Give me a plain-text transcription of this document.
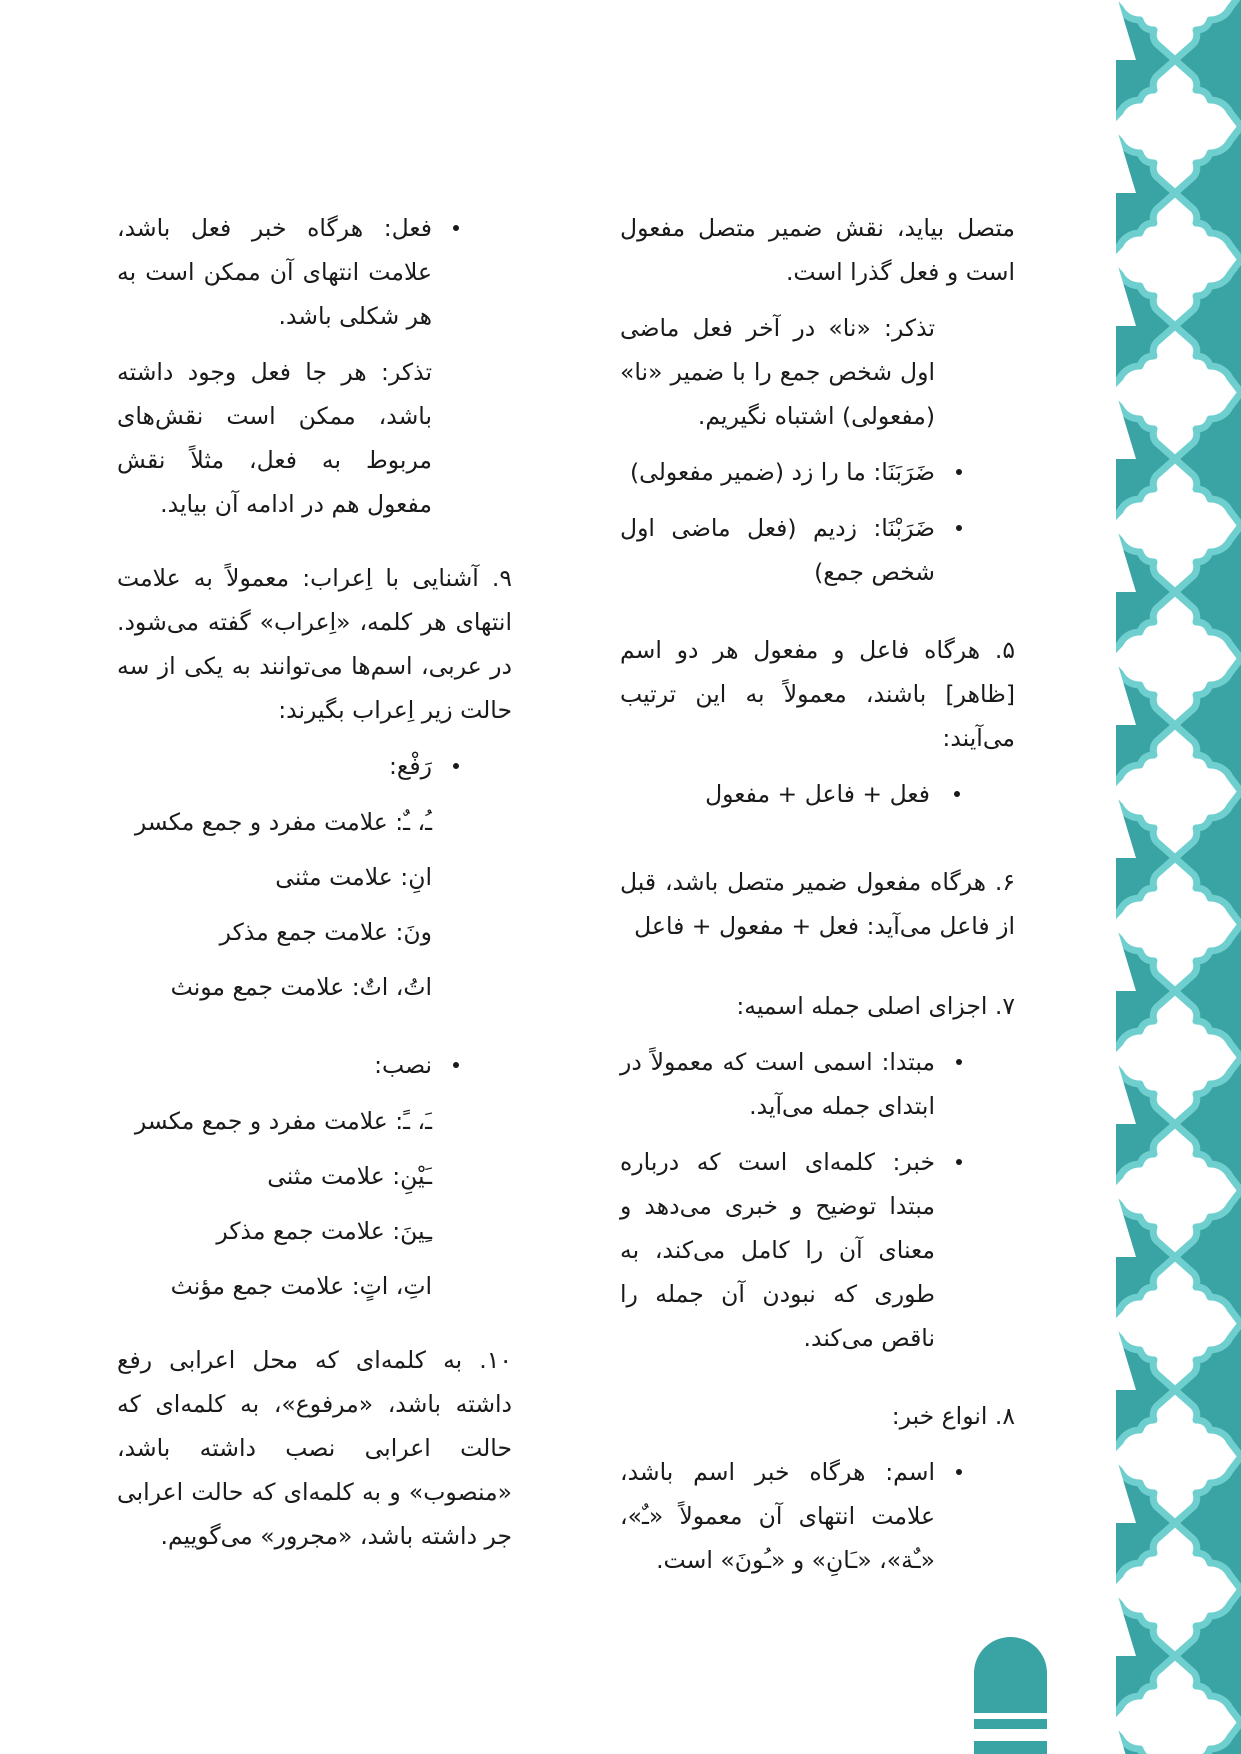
متصل بیاید، نقش ضمیر متصل مفعول است و فعل گذرا است.

تذکر: «نا» در آخر فعل ماضی اول شخص جمع را با ضمیر «نا» (مفعولی) اشتباه نگیریم.

ضَرَبَنَا: ما را زد (ضمیر مفعولی)

ضَرَبْنَا: زدیم (فعل ماضی اول شخص جمع)

۵. هرگاه فاعل و مفعول هر دو اسم [ظاهر] باشند، معمولاً به این ترتیب می‌آیند:

فعل + فاعل + مفعول

۶. هرگاه مفعول ضمیر متصل باشد، قبل از فاعل می‌آید: فعل + مفعول + فاعل

۷. اجزای اصلی جمله اسمیه:

مبتدا: اسمی است که معمولاً در ابتدای جمله می‌آید.

خبر: کلمه‌ای است که درباره مبتدا توضیح و خبری می‌دهد و معنای آن را کامل می‌کند، به طوری که نبودن آن جمله را ناقص می‌کند.

۸. انواع خبر:

اسم: هرگاه خبر اسم باشد، علامت انتهای آن معمولاً «ـٌ»، «ـٌة»، «ـَانِ» و «ـُونَ» است.

فعل: هرگاه خبر فعل باشد، علامت انتهای آن ممکن است به هر شکلی باشد.

تذکر: هر جا فعل وجود داشته باشد، ممکن است نقش‌های مربوط به فعل، مثلاً نقش مفعول هم در ادامه آن بیاید.

۹. آشنایی با اِعراب: معمولاً به علامت انتهای هر کلمه، «اِعراب» گفته می‌شود. در عربی، اسم‌ها می‌توانند به یکی از سه حالت زیر اِعراب بگیرند:

رَفْع:

ـُ، ـٌ: علامت مفرد و جمع مکسر

انِ: علامت مثنی

ونَ: علامت جمع مذکر

اتُ، اتٌ: علامت جمع مونث

نصب:

ـَ، ـً: علامت مفرد و جمع مکسر

ـَیْنِ: علامت مثنی

ـِینَ: علامت جمع مذکر

اتِ، اتٍ: علامت جمع مؤنث

۱۰. به کلمه‌ای که محل اعرابی رفع داشته باشد، «مرفوع»، به کلمه‌ای که حالت اعرابی نصب داشته باشد، «منصوب» و به کلمه‌ای که حالت اعرابی جر داشته باشد، «مجرور» می‌گوییم.
